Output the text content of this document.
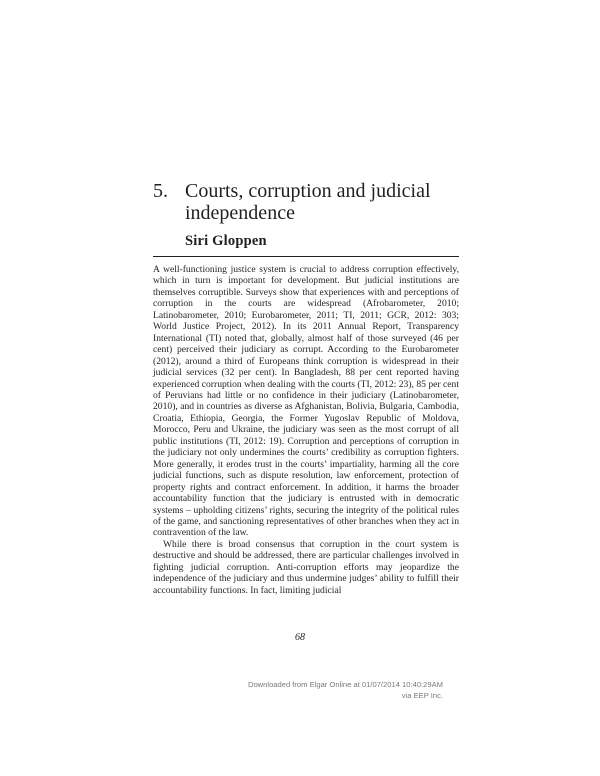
5. Courts, corruption and judicial independence
Siri Gloppen

A well-functioning justice system is crucial to address corruption effectively, which in turn is important for development. But judicial institutions are themselves corruptible. Surveys show that experiences with and perceptions of corruption in the courts are widespread (Afrobarometer, 2010; Latinobarometer, 2010; Eurobarometer, 2011; TI, 2011; GCR, 2012: 303; World Justice Project, 2012). In its 2011 Annual Report, Transparency International (TI) noted that, globally, almost half of those surveyed (46 per cent) perceived their judiciary as corrupt. According to the Eurobarometer (2012), around a third of Europeans think corruption is widespread in their judicial services (32 per cent). In Bangladesh, 88 per cent reported having experienced corruption when dealing with the courts (TI, 2012: 23), 85 per cent of Peruvians had little or no confidence in their judiciary (Latinobarometer, 2010), and in countries as diverse as Afghanistan, Bolivia, Bulgaria, Cambodia, Croatia, Ethiopia, Georgia, the Former Yugoslav Republic of Moldova, Morocco, Peru and Ukraine, the judiciary was seen as the most corrupt of all public institutions (TI, 2012: 19). Corruption and perceptions of corruption in the judiciary not only undermines the courts’ credibility as corruption fighters. More generally, it erodes trust in the courts’ impartiality, harming all the core judicial functions, such as dispute resolution, law enforcement, protection of property rights and contract enforcement. In addition, it harms the broader accountability function that the judiciary is entrusted with in democratic systems – upholding citizens’ rights, securing the integrity of the political rules of the game, and sanctioning representatives of other branches when they act in contravention of the law.

While there is broad consensus that corruption in the court system is destructive and should be addressed, there are particular challenges involved in fighting judicial corruption. Anti-corruption efforts may jeopardize the independence of the judiciary and thus undermine judges’ ability to fulfill their accountability functions. In fact, limiting judicial

68
Downloaded from Elgar Online at 01/07/2014 10:40:29AM
via EEP Inc.
